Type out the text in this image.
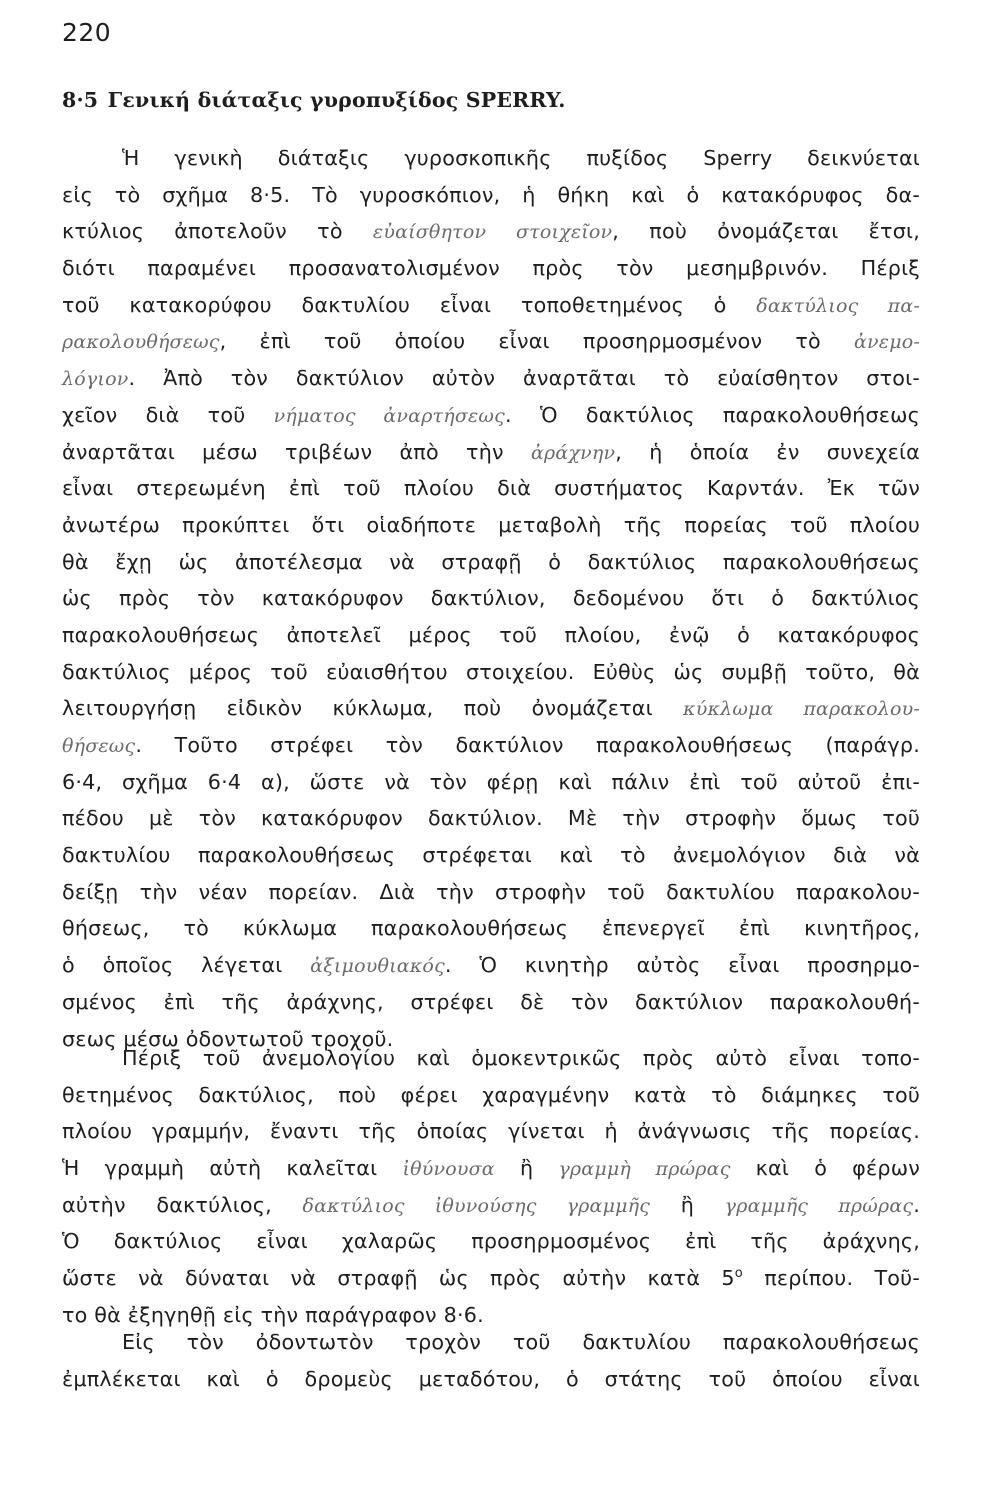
220
8·5 Γενική διάταξις γυροπυξίδος SPERRY.
Ἡ γενικὴ διάταξις γυροσκοπικῆς πυξίδος Sperry δεικνύεται
εἰς τὸ σχῆμα 8·5. Τὸ γυροσκόπιον, ἡ θήκη καὶ ὁ κατακόρυφος δα-
κτύλιος ἀποτελοῦν τὸ εὐαίσθητον στοιχεῖον, ποὺ ὀνομάζεται ἔτσι,
διότι παραμένει προσανατολισμένον πρὸς τὸν μεσημβρινόν. Πέριξ
τοῦ κατακορύφου δακτυλίου εἶναι τοποθετημένος ὁ δακτύλιος πα-
ρακολουθήσεως, ἐπὶ τοῦ ὁποίου εἶναι προσηρμοσμένον τὸ ἀνεμο-
λόγιον. Ἀπὸ τὸν δακτύλιον αὐτὸν ἀναρτᾶται τὸ εὐαίσθητον στοι-
χεῖον διὰ τοῦ νήματος ἀναρτήσεως. Ὁ δακτύλιος παρακολουθήσεως
ἀναρτᾶται μέσω τριβέων ἀπὸ τὴν ἀράχνην, ἡ ὁποία ἐν συνεχεία
εἶναι στερεωμένη ἐπὶ τοῦ πλοίου διὰ συστήματος Καρντάν. Ἐκ τῶν
ἀνωτέρω προκύπτει ὅτι οἱαδήποτε μεταβολὴ τῆς πορείας τοῦ πλοίου
θὰ ἔχῃ ὡς ἀποτέλεσμα νὰ στραφῇ ὁ δακτύλιος παρακολουθήσεως
ὡς πρὸς τὸν κατακόρυφον δακτύλιον, δεδομένου ὅτι ὁ δακτύλιος
παρακολουθήσεως ἀποτελεῖ μέρος τοῦ πλοίου, ἐνῷ ὁ κατακόρυφος
δακτύλιος μέρος τοῦ εὐαισθήτου στοιχείου. Εὐθὺς ὡς συμβῇ τοῦτο, θὰ
λειτουργήσῃ εἰδικὸν κύκλωμα, ποὺ ὀνομάζεται κύκλωμα παρακολου-
θήσεως. Τοῦτο στρέφει τὸν δακτύλιον παρακολουθήσεως (παράγρ.
6·4, σχῆμα 6·4 α), ὥστε νὰ τὸν φέρῃ καὶ πάλιν ἐπὶ τοῦ αὐτοῦ ἐπι-
πέδου μὲ τὸν κατακόρυφον δακτύλιον. Μὲ τὴν στροφὴν ὅμως τοῦ
δακτυλίου παρακολουθήσεως στρέφεται καὶ τὸ ἀνεμολόγιον διὰ νὰ
δείξῃ τὴν νέαν πορείαν. Διὰ τὴν στροφὴν τοῦ δακτυλίου παρακολου-
θήσεως, τὸ κύκλωμα παρακολουθήσεως ἐπενεργεῖ ἐπὶ κινητῆρος,
ὁ ὁποῖος λέγεται ἀξιμουθιακός. Ὁ κινητὴρ αὐτὸς εἶναι προσηρμο-
σμένος ἐπὶ τῆς ἀράχνης, στρέφει δὲ τὸν δακτύλιον παρακολουθή-
σεως μέσω ὀδοντωτοῦ τροχοῦ.
Πέριξ τοῦ ἀνεμολογίου καὶ ὁμοκεντρικῶς πρὸς αὐτὸ εἶναι τοπο-
θετημένος δακτύλιος, ποὺ φέρει χαραγμένην κατὰ τὸ διάμηκες τοῦ
πλοίου γραμμήν, ἔναντι τῆς ὁποίας γίνεται ἡ ἀνάγνωσις τῆς πορείας.
Ἡ γραμμὴ αὐτὴ καλεῖται ἰθύνουσα ἢ γραμμὴ πρώρας καὶ ὁ φέρων
αὐτὴν δακτύλιος, δακτύλιος ἰθυνούσης γραμμῆς ἢ γραμμῆς πρώρας.
Ὁ δακτύλιος εἶναι χαλαρῶς προσηρμοσμένος ἐπὶ τῆς ἀράχνης,
ὥστε νὰ δύναται νὰ στραφῇ ὡς πρὸς αὐτὴν κατὰ 5$^o$ περίπου. Τοῦ-
το θὰ ἐξηγηθῇ εἰς τὴν παράγραφον 8·6.
Εἰς τὸν ὀδοντωτὸν τροχὸν τοῦ δακτυλίου παρακολουθήσεως
ἐμπλέκεται καὶ ὁ δρομεὺς μεταδότου, ὁ στάτης τοῦ ὁποίου εἶναι
